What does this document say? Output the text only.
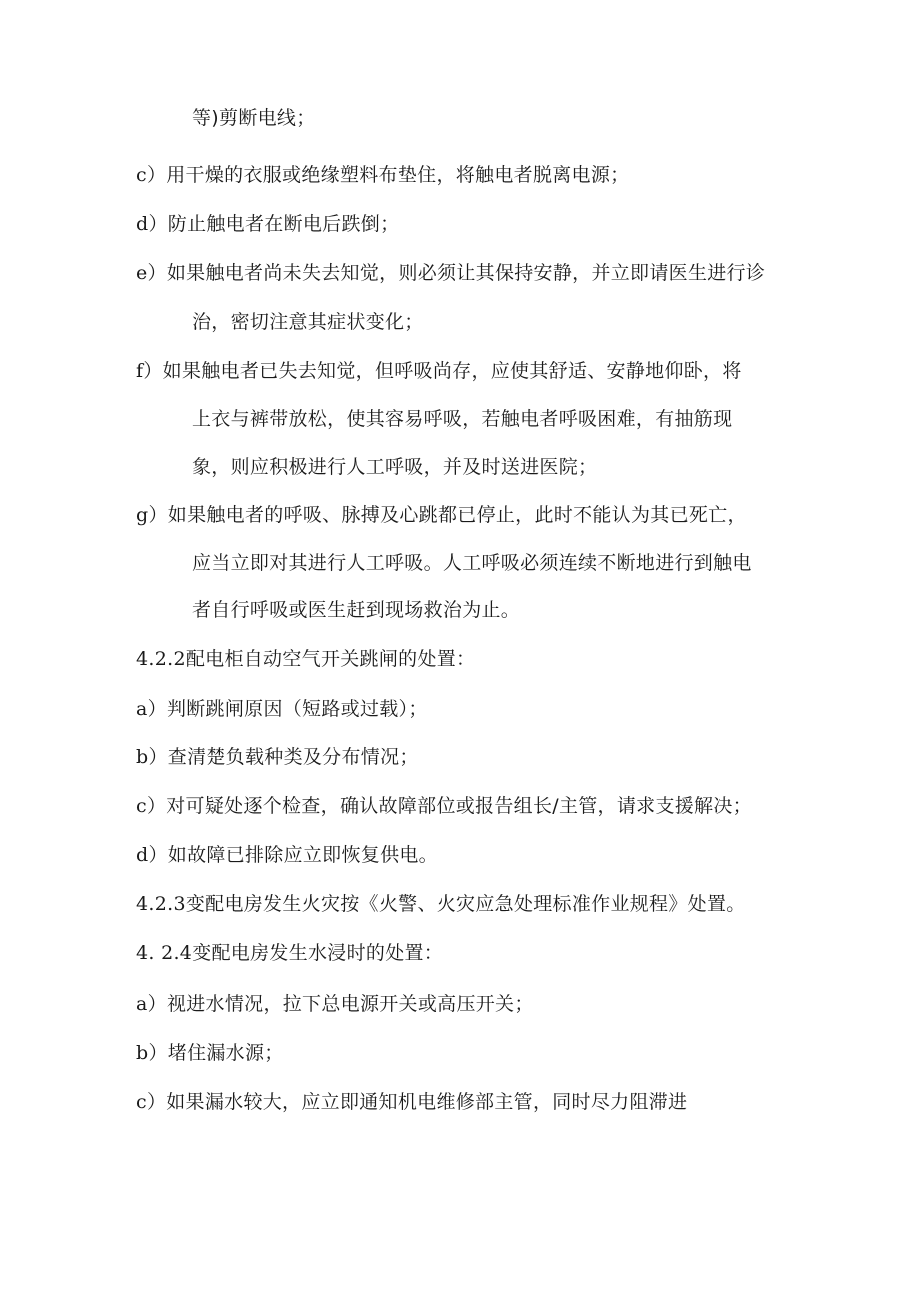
等)剪断电线；
c）用干燥的衣服或绝缘塑料布垫住，将触电者脱离电源；
d）防止触电者在断电后跌倒；
e）如果触电者尚未失去知觉，则必须让其保持安静，并立即请医生进行诊
治，密切注意其症状变化；
f）如果触电者已失去知觉，但呼吸尚存，应使其舒适、安静地仰卧，将
上衣与裤带放松，使其容易呼吸，若触电者呼吸困难，有抽筋现
象，则应积极进行人工呼吸，并及时送进医院；
g）如果触电者的呼吸、脉搏及心跳都已停止，此时不能认为其已死亡，
应当立即对其进行人工呼吸。人工呼吸必须连续不断地进行到触电
者自行呼吸或医生赶到现场救治为止。
4.2.2配电柜自动空气开关跳闸的处置：
a）判断跳闸原因（短路或过载）；
b）查清楚负载种类及分布情况；
c）对可疑处逐个检查，确认故障部位或报告组长/主管，请求支援解决；
d）如故障已排除应立即恢复供电。
4.2.3变配电房发生火灾按《火警、火灾应急处理标准作业规程》处置。
4. 2.4变配电房发生水浸时的处置：
a）视进水情况，拉下总电源开关或高压开关；
b）堵住漏水源；
c）如果漏水较大，应立即通知机电维修部主管，同时尽力阻滞进
